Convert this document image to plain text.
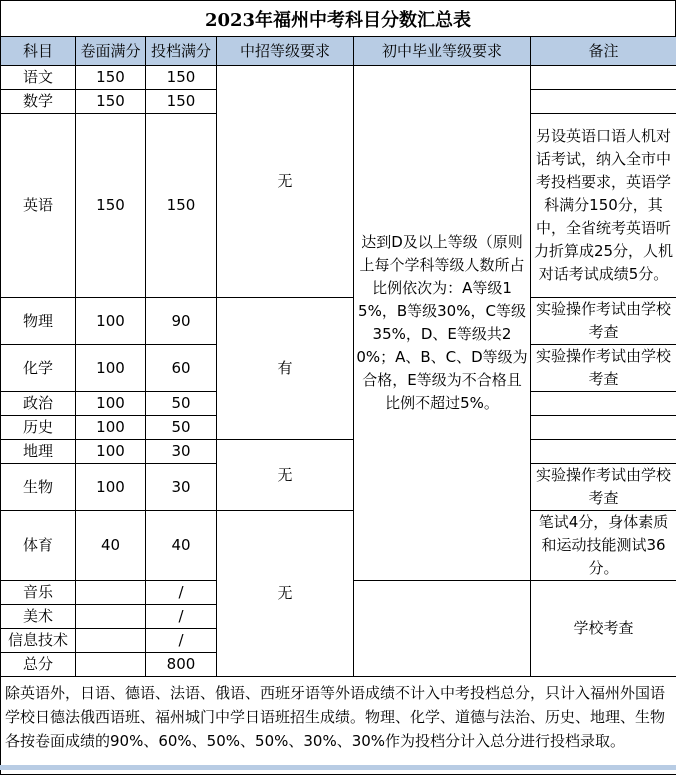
2023年福州中考科目分数汇总表
科目	卷面满分	投档满分	中招等级要求	初中毕业等级要求	备注
语文	150	150	无	达到D及以上等级（原则上每个学科等级人数所占比例依次为：A等级15%，B等级30%，C等级35%，D、E等级共20%；A、B、C、D等级为合格，E等级为不合格且比例不超过5%。	
数学	150	150			
英语	150	150			另设英语口语人机对话考试，纳入全市中考投档要求，英语学科满分150分，其中，全省统考英语听力折算成25分，人机对话考试成绩5分。
物理	100	90	有		实验操作考试由学校考查
化学	100	60			实验操作考试由学校考查
政治	100	50			
历史	100	50			
地理	100	30	无		
生物	100	30			实验操作考试由学校考查
体育	40	40	无		笔试4分，身体素质和运动技能测试36分。
音乐		/			学校考查
美术		/			
信息技术		/			
总分		800			
除英语外，日语、德语、法语、俄语、西班牙语等外语成绩不计入中考投档总分，只计入福州外国语学校日德法俄西语班、福州城门中学日语班招生成绩。物理、化学、道德与法治、历史、地理、生物各按卷面成绩的90%、60%、50%、50%、30%、30%作为投档分计入总分进行投档录取。					
